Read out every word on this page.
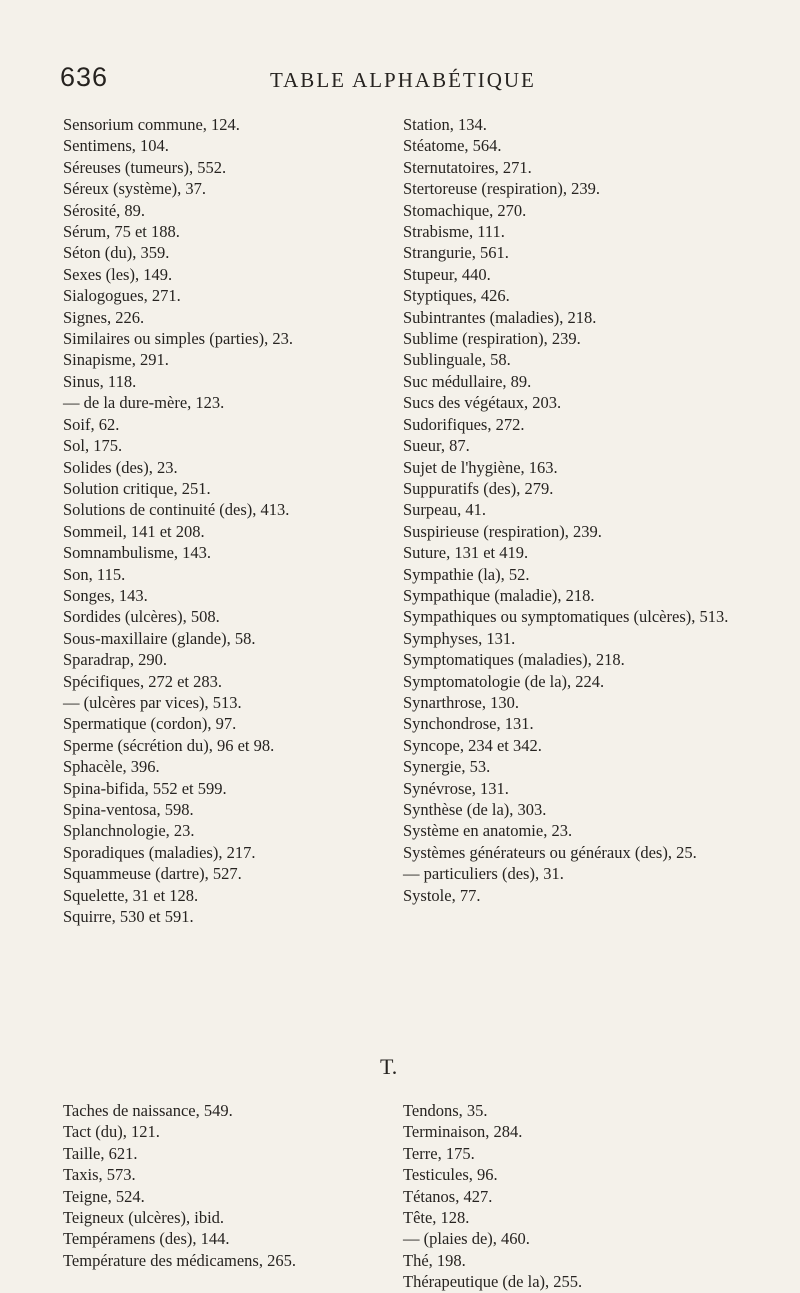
636	TABLE ALPHABÉTIQUE
Sensorium commune, 124.
Sentimens, 104.
Séreuses (tumeurs), 552.
Séreux (système), 37.
Sérosité, 89.
Sérum, 75 et 188.
Séton (du), 359.
Sexes (les), 149.
Sialogogues, 271.
Signes, 226.
Similaires ou simples (parties), 23.
Sinapisme, 291.
Sinus, 118.
— de la dure-mère, 123.
Soif, 62.
Sol, 175.
Solides (des), 23.
Solution critique, 251.
Solutions de continuité (des), 413.
Sommeil, 141 et 208.
Somnambulisme, 143.
Son, 115.
Songes, 143.
Sordides (ulcères), 508.
Sous-maxillaire (glande), 58.
Sparadrap, 290.
Spécifiques, 272 et 283.
— (ulcères par vices), 513.
Spermatique (cordon), 97.
Sperme (sécrétion du), 96 et 98.
Sphacèle, 396.
Spina-bifida, 552 et 599.
Spina-ventosa, 598.
Splanchnologie, 23.
Sporadiques (maladies), 217.
Squammeuse (dartre), 527.
Squelette, 31 et 128.
Squirre, 530 et 591.
Station, 134.
Stéatome, 564.
Sternutatoires, 271.
Stertoreuse (respiration), 239.
Stomachique, 270.
Strabisme, 111.
Strangurie, 561.
Stupeur, 440.
Styptiques, 426.
Subintrantes (maladies), 218.
Sublime (respiration), 239.
Sublinguale, 58.
Suc médullaire, 89.
Sucs des végétaux, 203.
Sudorifiques, 272.
Sueur, 87.
Sujet de l'hygiène, 163.
Suppuratifs (des), 279.
Surpeau, 41.
Suspirieuse (respiration), 239.
Suture, 131 et 419.
Sympathie (la), 52.
Sympathique (maladie), 218.
Sympathiques ou symptomatiques (ulcères), 513.
Symphyses, 131.
Symptomatiques (maladies), 218.
Symptomatologie (de la), 224.
Synarthrose, 130.
Synchondrose, 131.
Syncope, 234 et 342.
Synergie, 53.
Synévrose, 131.
Synthèse (de la), 303.
Système en anatomie, 23.
Systèmes générateurs ou généraux (des), 25.
— particuliers (des), 31.
Systole, 77.
T.
Taches de naissance, 549.
Tact (du), 121.
Taille, 621.
Taxis, 573.
Teigne, 524.
Teigneux (ulcères), ibid.
Tempéramens (des), 144.
Température des médicamens, 265.
Tendons, 35.
Terminaison, 284.
Terre, 175.
Testicules, 96.
Tétanos, 427.
Tête, 128.
— (plaies de), 460.
Thé, 198.
Thérapeutique (de la), 255.
